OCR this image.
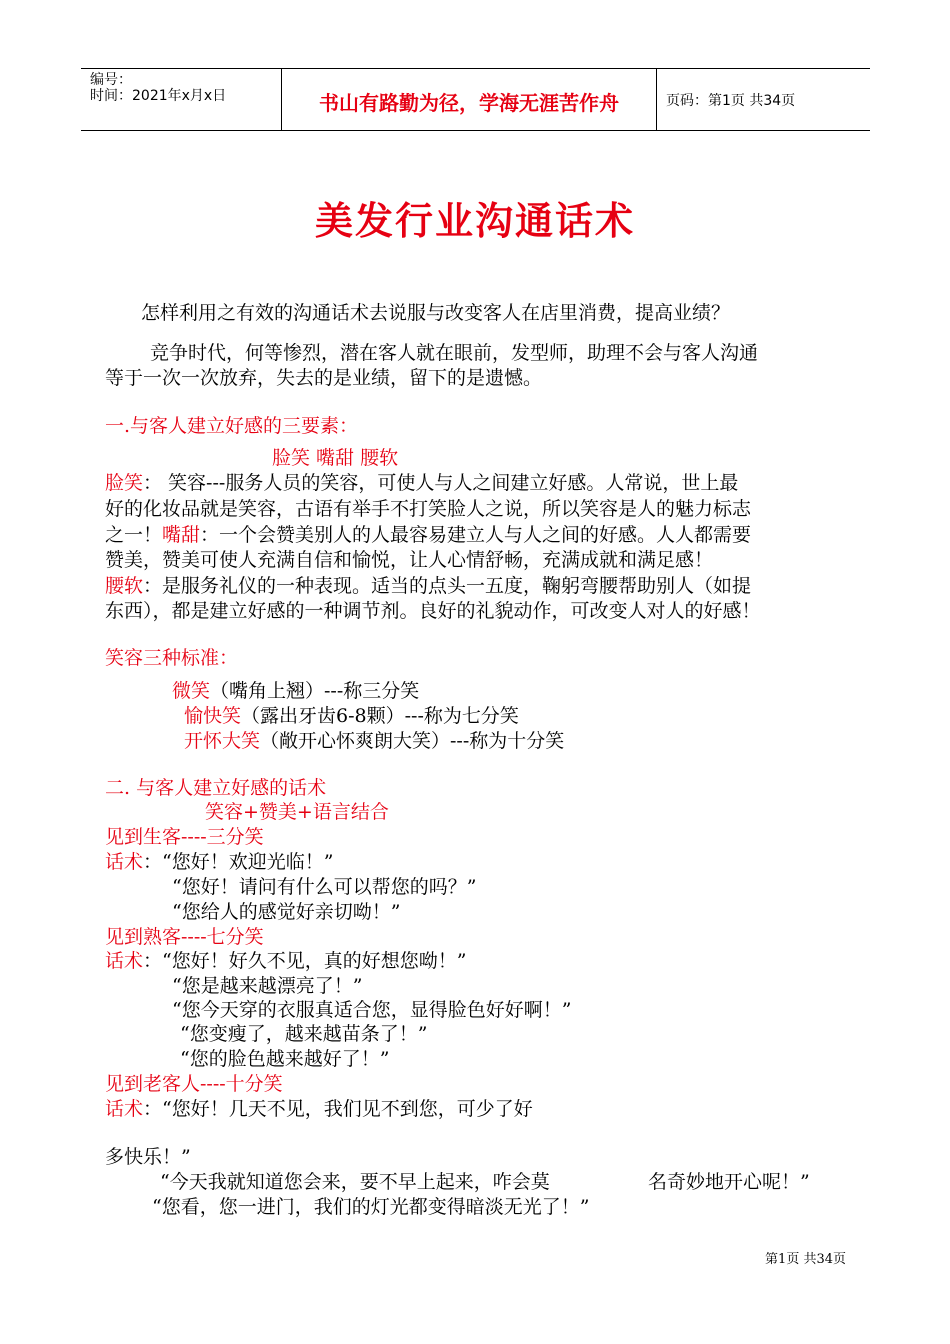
编号：
时间：2021年x月x日	书山有路勤为径，学海无涯苦作舟	页码：第1页 共34页
美发行业沟通话术
怎样利用之有效的沟通话术去说服与改变客人在店里消费，提高业绩？
竞争时代，何等惨烈，潜在客人就在眼前，发型师，助理不会与客人沟通
等于一次一次放弃，失去的是业绩，留下的是遗憾。
一.与客人建立好感的三要素：
脸笑 嘴甜 腰软
脸笑： 笑容---服务人员的笑容，可使人与人之间建立好感。人常说，世上最
好的化妆品就是笑容，古语有举手不打笑脸人之说，所以笑容是人的魅力标志
之一！嘴甜：一个会赞美别人的人最容易建立人与人之间的好感。人人都需要
赞美，赞美可使人充满自信和愉悦，让人心情舒畅，充满成就和满足感！
腰软：是服务礼仪的一种表现。适当的点头一五度，鞠躬弯腰帮助别人（如提
东西），都是建立好感的一种调节剂。良好的礼貌动作，可改变人对人的好感！
笑容三种标准：
微笑（嘴角上翘）---称三分笑
愉快笑（露出牙齿6-8颗）---称为七分笑
开怀大笑（敞开心怀爽朗大笑）---称为十分笑
二. 与客人建立好感的话术
笑容+赞美+语言结合
见到生客----三分笑
话术：“您好！欢迎光临！”
“您好！请问有什么可以帮您的吗？”
“您给人的感觉好亲切呦！”
见到熟客----七分笑
话术：“您好！好久不见，真的好想您呦！”
“您是越来越漂亮了！”
“您今天穿的衣服真适合您，显得脸色好好啊！”
“您变瘦了，越来越苗条了！”
“您的脸色越来越好了！”
见到老客人----十分笑
话术：“您好！几天不见，我们见不到您，可少了好
多快乐！”
“今天我就知道您会来，要不早上起来，咋会莫	名奇妙地开心呢！”
“您看，您一进门，我们的灯光都变得暗淡无光了！”
第1页 共34页
